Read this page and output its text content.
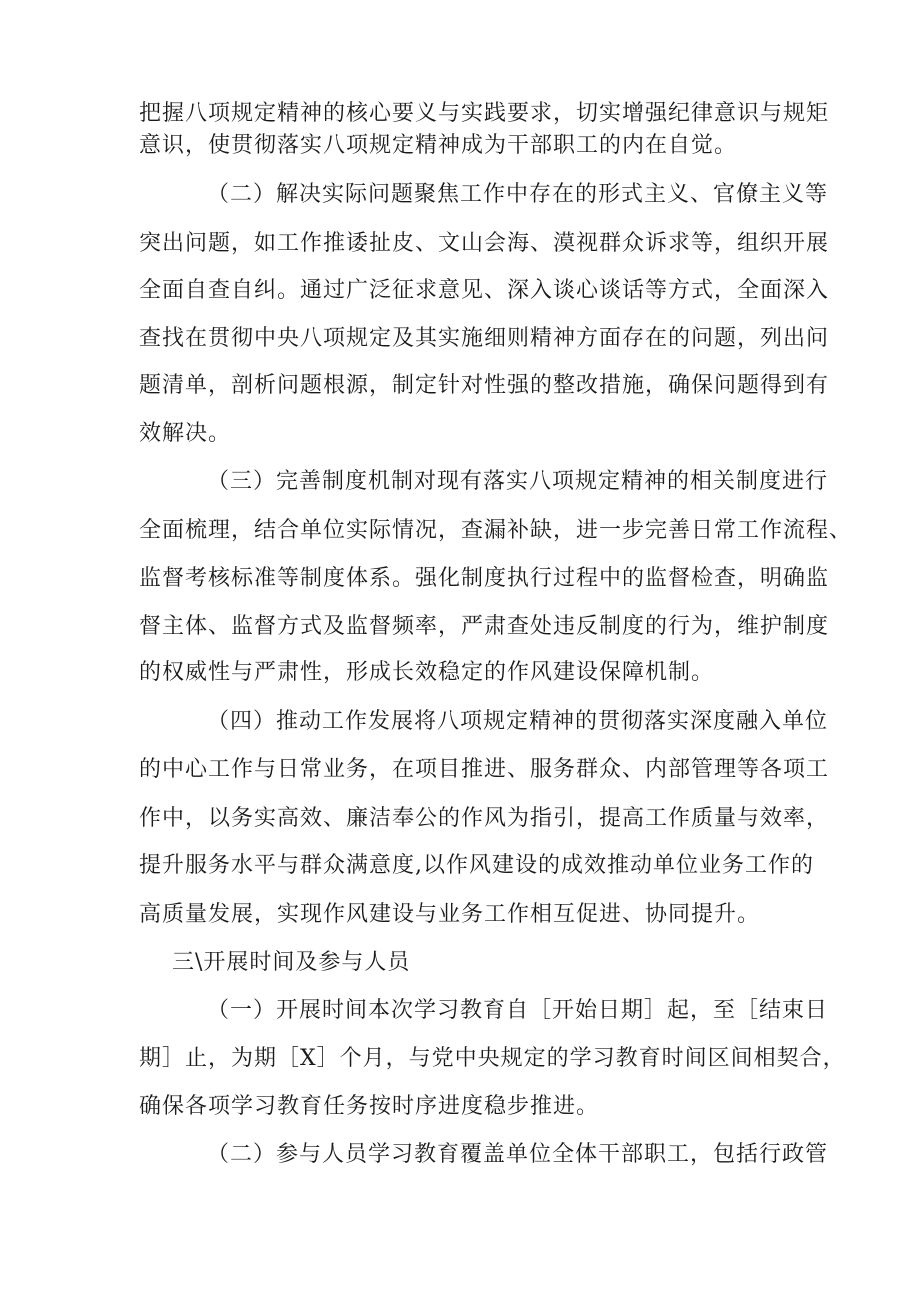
把握八项规定精神的核心要义与实践要求，切实增强纪律意识与规矩
意识，使贯彻落实八项规定精神成为干部职工的内在自觉。
（二）解决实际问题聚焦工作中存在的形式主义、官僚主义等
突出问题，如工作推诿扯皮、文山会海、漠视群众诉求等，组织开展
全面自查自纠。通过广泛征求意见、深入谈心谈话等方式，全面深入
查找在贯彻中央八项规定及其实施细则精神方面存在的问题，列出问
题清单，剖析问题根源，制定针对性强的整改措施，确保问题得到有
效解决。
（三）完善制度机制对现有落实八项规定精神的相关制度进行
全面梳理，结合单位实际情况，查漏补缺，进一步完善日常工作流程、
监督考核标准等制度体系。强化制度执行过程中的监督检查，明确监
督主体、监督方式及监督频率，严肃查处违反制度的行为，维护制度
的权威性与严肃性，形成长效稳定的作风建设保障机制。
（四）推动工作发展将八项规定精神的贯彻落实深度融入单位
的中心工作与日常业务，在项目推进、服务群众、内部管理等各项工
作中，以务实高效、廉洁奉公的作风为指引，提高工作质量与效率，
提升服务水平与群众满意度,以作风建设的成效推动单位业务工作的
高质量发展，实现作风建设与业务工作相互促进、协同提升。
三\开展时间及参与人员
（一）开展时间本次学习教育自［开始日期］起，至［结束日
期］止，为期［X］个月，与党中央规定的学习教育时间区间相契合，
确保各项学习教育任务按时序进度稳步推进。
（二）参与人员学习教育覆盖单位全体干部职工，包括行政管
